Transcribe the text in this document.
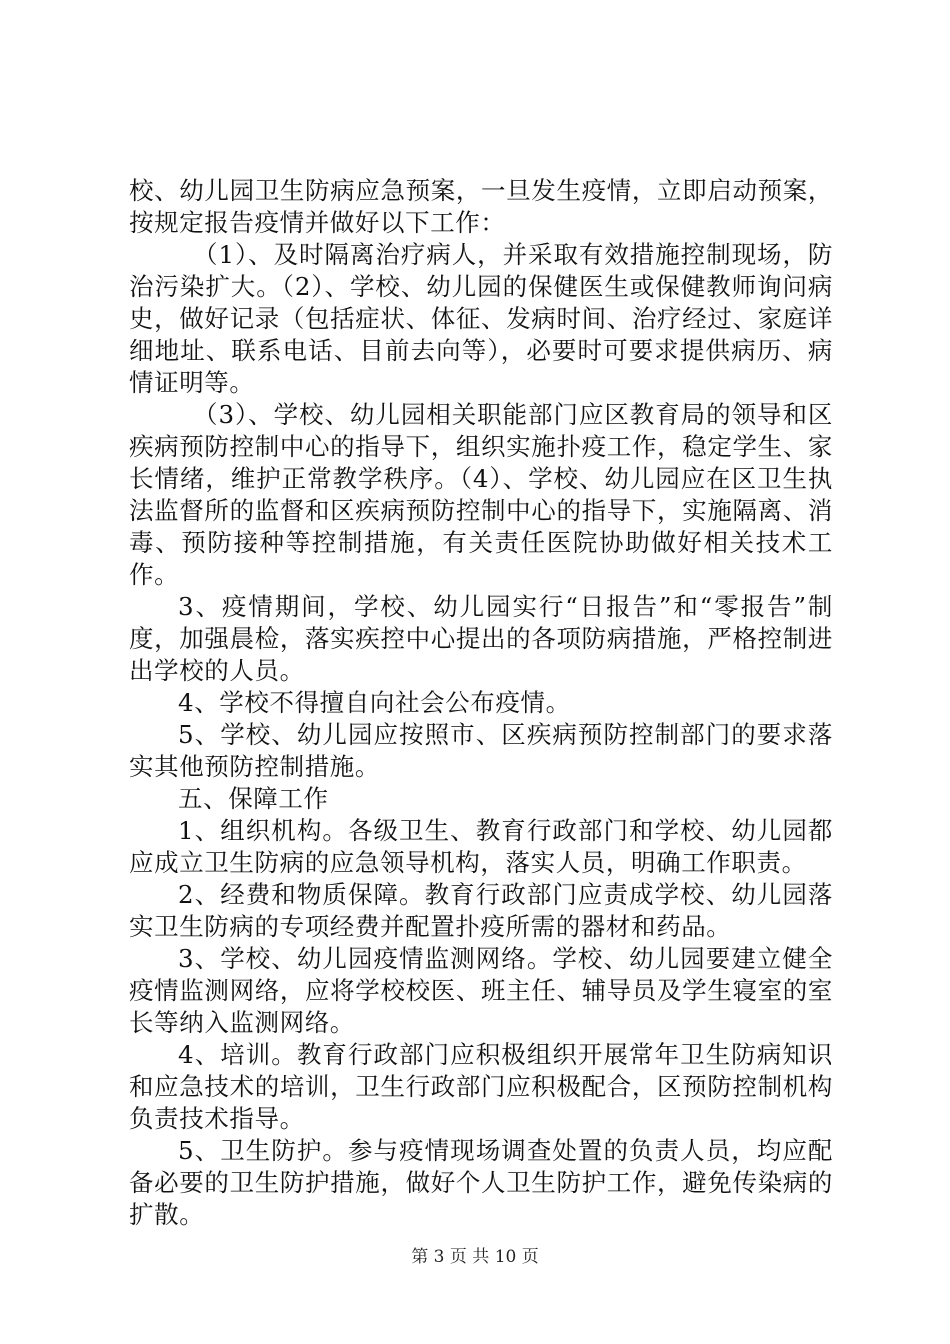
校、幼儿园卫生防病应急预案，一旦发生疫情，立即启动预案，按规定报告疫情并做好以下工作：

（1）、及时隔离治疗病人，并采取有效措施控制现场，防治污染扩大。（2）、学校、幼儿园的保健医生或保健教师询问病史，做好记录（包括症状、体征、发病时间、治疗经过、家庭详细地址、联系电话、目前去向等），必要时可要求提供病历、病情证明等。

（3）、学校、幼儿园相关职能部门应区教育局的领导和区疾病预防控制中心的指导下，组织实施扑疫工作，稳定学生、家长情绪，维护正常教学秩序。（4）、学校、幼儿园应在区卫生执法监督所的监督和区疾病预防控制中心的指导下，实施隔离、消毒、预防接种等控制措施，有关责任医院协助做好相关技术工作。

3、疫情期间，学校、幼儿园实行“日报告”和“零报告”制度，加强晨检，落实疾控中心提出的各项防病措施，严格控制进出学校的人员。

4、学校不得擅自向社会公布疫情。

5、学校、幼儿园应按照市、区疾病预防控制部门的要求落实其他预防控制措施。

五、保障工作

1、组织机构。各级卫生、教育行政部门和学校、幼儿园都应成立卫生防病的应急领导机构，落实人员，明确工作职责。

2、经费和物质保障。教育行政部门应责成学校、幼儿园落实卫生防病的专项经费并配置扑疫所需的器材和药品。

3、学校、幼儿园疫情监测网络。学校、幼儿园要建立健全疫情监测网络，应将学校校医、班主任、辅导员及学生寝室的室长等纳入监测网络。

4、培训。教育行政部门应积极组织开展常年卫生防病知识和应急技术的培训，卫生行政部门应积极配合，区预防控制机构负责技术指导。

5、卫生防护。参与疫情现场调查处置的负责人员，均应配备必要的卫生防护措施，做好个人卫生防护工作，避免传染病的扩散。

第 3 页 共 10 页
